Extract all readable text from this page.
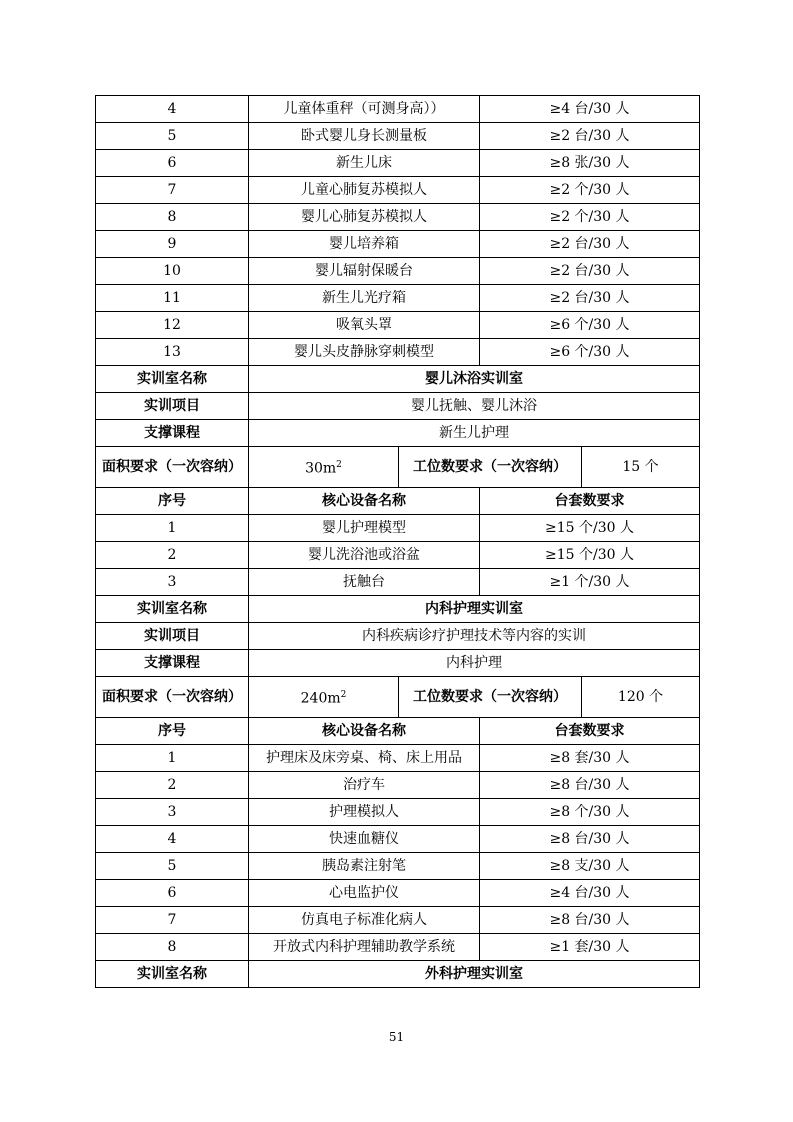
4	儿童体重秤（可测身高））		≥4 台/30 人	
5	卧式婴儿身长测量板		≥2 台/30 人	
6	新生儿床		≥8 张/30 人	
7	儿童心肺复苏模拟人		≥2 个/30 人	
8	婴儿心肺复苏模拟人		≥2 个/30 人	
9	婴儿培养箱		≥2 台/30 人	
10	婴儿辐射保暖台		≥2 台/30 人	
11	新生儿光疗箱		≥2 台/30 人	
12	吸氧头罩		≥6 个/30 人	
13	婴儿头皮静脉穿刺模型		≥6 个/30 人	
实训室名称	婴儿沐浴实训室			
实训项目	婴儿抚触、婴儿沐浴			
支撑课程	新生儿护理			
面积要求（一次容纳）	$30m^2$	工位数要求（一次容纳）		15 个
序号	核心设备名称		台套数要求	
1	婴儿护理模型		≥15 个/30 人	
2	婴儿洗浴池或浴盆		≥15 个/30 人	
3	抚触台		≥1 个/30 人	
实训室名称	内科护理实训室			
实训项目	内科疾病诊疗护理技术等内容的实训			
支撑课程	内科护理			
面积要求（一次容纳）	$240m^2$	工位数要求（一次容纳）		120 个
序号	核心设备名称		台套数要求	
1	护理床及床旁桌、椅、床上用品		≥8 套/30 人	
2	治疗车		≥8 台/30 人	
3	护理模拟人		≥8 个/30 人	
4	快速血糖仪		≥8 台/30 人	
5	胰岛素注射笔		≥8 支/30 人	
6	心电监护仪		≥4 台/30 人	
7	仿真电子标准化病人		≥8 台/30 人	
8	开放式内科护理辅助教学系统		≥1 套/30 人	
实训室名称	外科护理实训室			
51
